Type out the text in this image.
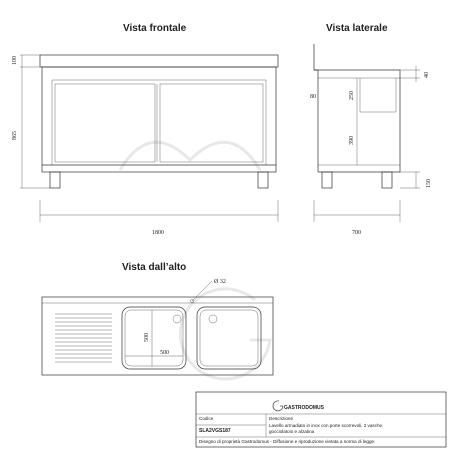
Vista frontale
100
865
1800
Vista laterale
40
250
390
80
150
700
Vista dall’alto
Ø 32
500
500
GASTRODOMUS
Codice
SLA2VGS187
Descrizione
Lavello armadiato in inox con porte scorrevoli, 2 vasche,
gocciolatoio e alzatina
Disegno di proprietà Gastrodomus - Diffusione e riproduzione vietata a norma di legge.
